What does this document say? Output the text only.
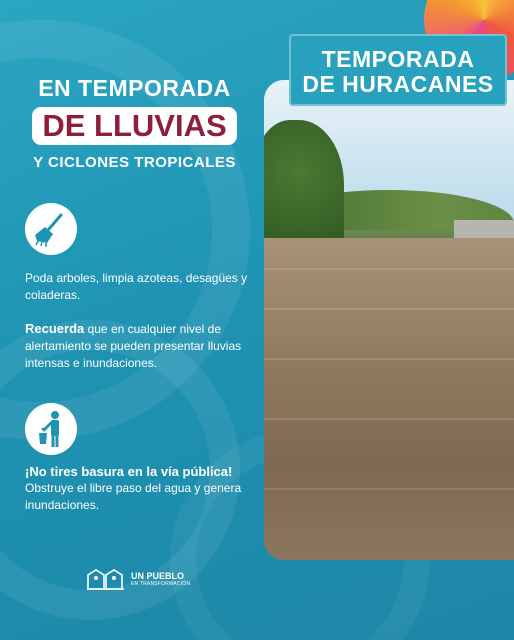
TEMPORADA
DE HURACANES
EN TEMPORADA
DE LLUVIAS
Y CICLONES TROPICALES

Poda arboles, limpia azoteas, desagües y coladeras.

Recuerda que en cualquier nivel de alertamiento se pueden presentar lluvias intensas e inundaciones.

¡No tires basura en la vía pública!

Obstruye el libre paso del agua y genera inundaciones.

UN PUEBLO
EN TRANSFORMACIÓN
